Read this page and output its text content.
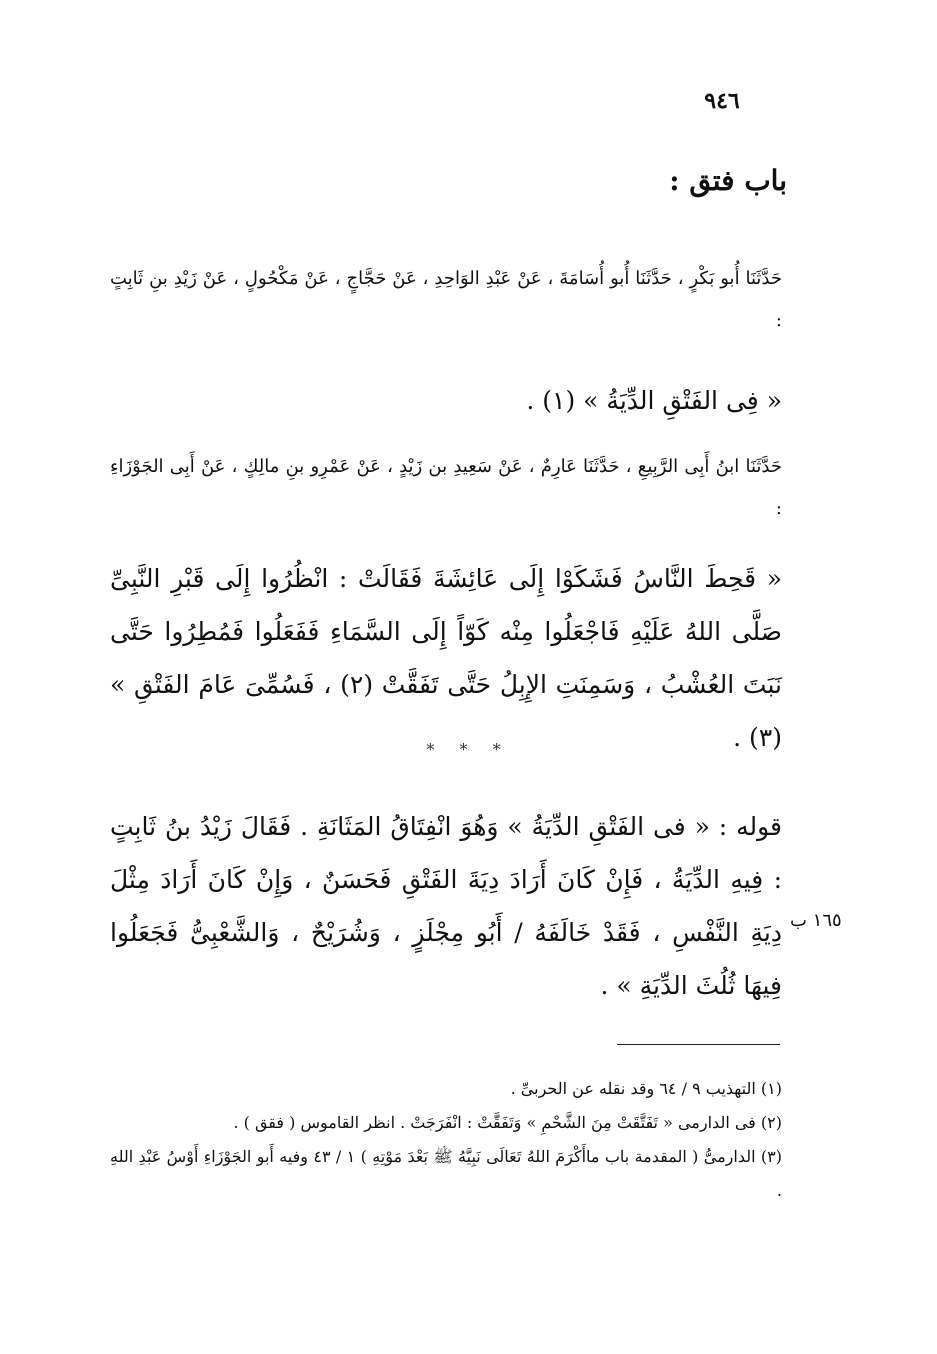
٩٤٦
باب فتق :
حَدَّثَنَا أُبو بَكْرٍ ، حَدَّثَنَا أُبو أُسَامَةَ ، عَنْ عَبْدِ الوَاحِدِ ، عَنْ حَجَّاجٍ ، عَنْ مَكْحُولٍ ، عَنْ زَيْدِ بنِ ثَابِتٍ :
« فِى الفَتْقِ الدِّيَةُ » (١) .
حَدَّثَنَا ابنُ أَبِى الرَّبِيعِ ، حَدَّثَنَا عَارِمٌ ، عَنْ سَعِيدِ بن زَيْدٍ ، عَنْ عَمْرِو بنِ مالِكٍ ، عَنْ أَبِى الجَوْزَاءِ :
« قَحِطَ النَّاسُ فَشَكَوْا إِلَى عَائِشَةَ فَقَالَتْ : انْظُرُوا إِلَى قَبْرِ النَّبِىِّ صَلَّى اللهُ عَلَيْهِ فَاجْعَلُوا مِنْه كَوّاً إِلَى السَّمَاءِ فَفَعَلُوا فَمُطِرُوا حَتَّى نَبَتَ العُشْبُ ، وَسَمِنَتِ الإِبِلُ حَتَّى تَفَقَّتْ (٢) ، فَسُمِّىَ عَامَ الفَتْقِ » (٣) .
* * *
قوله : « فى الفَتْقِ الدِّيَةُ » وَهُوَ انْفِتَاقُ المَثَانَةِ . فَقَالَ زَيْدُ بنُ ثَابِتٍ : فِيهِ الدِّيَةُ ، فَإِنْ كَانَ أَرَادَ دِيَةَ الفَتْقِ فَحَسَنٌ ، وَإِنْ كَانَ أَرَادَ مِثْلَ دِيَةِ النَّفْسِ ، فَقَدْ خَالَفَهُ / أَبُو مِجْلَزٍ ، وَشُرَيْحٌ ، وَالشَّعْبِىُّ فَجَعَلُوا فِيهَا ثُلُثَ الدِّيَةِ » .
١٦٥ ب
(١) التهذيب ٩ / ٦٤ وقد نقله عن الحربىِّ .
(٢) فى الدارمى « تَفَتَّقَتْ مِنَ الشَّحْمِ » وَتَفَقَّتْ : انْفَرَجَتْ . انظر القاموس ( فقق ) .
(٣) الدارمىُّ ( المقدمة باب ماأَكْرَمَ اللهُ تَعَالَى نَبِيَّهُ ﷺ بَعْدَ مَوْتِهِ ) ١ / ٤٣ وفيه أَبو الجَوْزَاءِ أَوْسُ عَبْدِ اللهِ .
